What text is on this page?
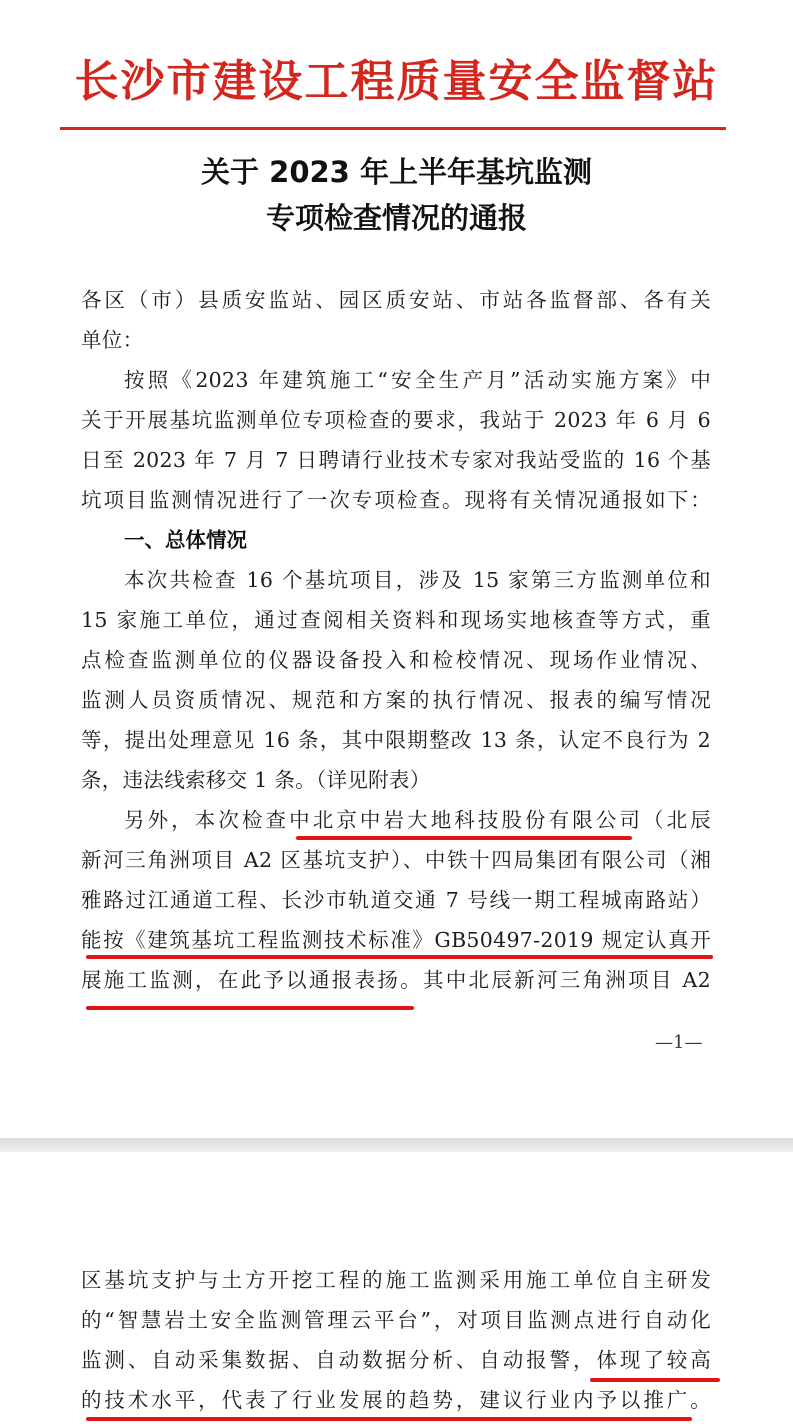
长沙市建设工程质量安全监督站
关于 2023 年上半年基坑监测
专项检查情况的通报
各区（市）县质安监站、园区质安站、市站各监督部、各有关
单位：
按照《2023 年建筑施工“安全生产月”活动实施方案》中
关于开展基坑监测单位专项检查的要求，我站于 2023 年 6 月 6
日至 2023 年 7 月 7 日聘请行业技术专家对我站受监的 16 个基
坑项目监测情况进行了一次专项检查。现将有关情况通报如下：
一、总体情况
本次共检查 16 个基坑项目，涉及 15 家第三方监测单位和
15 家施工单位，通过查阅相关资料和现场实地核查等方式，重
点检查监测单位的仪器设备投入和检校情况、现场作业情况、
监测人员资质情况、规范和方案的执行情况、报表的编写情况
等，提出处理意见 16 条，其中限期整改 13 条，认定不良行为 2
条，违法线索移交 1 条。（详见附表）
另外，本次检查中北京中岩大地科技股份有限公司（北辰
新河三角洲项目 A2 区基坑支护）、中铁十四局集团有限公司（湘
雅路过江通道工程、长沙市轨道交通 7 号线一期工程城南路站）
能按《建筑基坑工程监测技术标准》GB50497-2019 规定认真开
展施工监测，在此予以通报表扬。其中北辰新河三角洲项目 A2
—1—
区基坑支护与土方开挖工程的施工监测采用施工单位自主研发
的“智慧岩土安全监测管理云平台”，对项目监测点进行自动化
监测、自动采集数据、自动数据分析、自动报警，体现了较高
的技术水平，代表了行业发展的趋势，建议行业内予以推广。
